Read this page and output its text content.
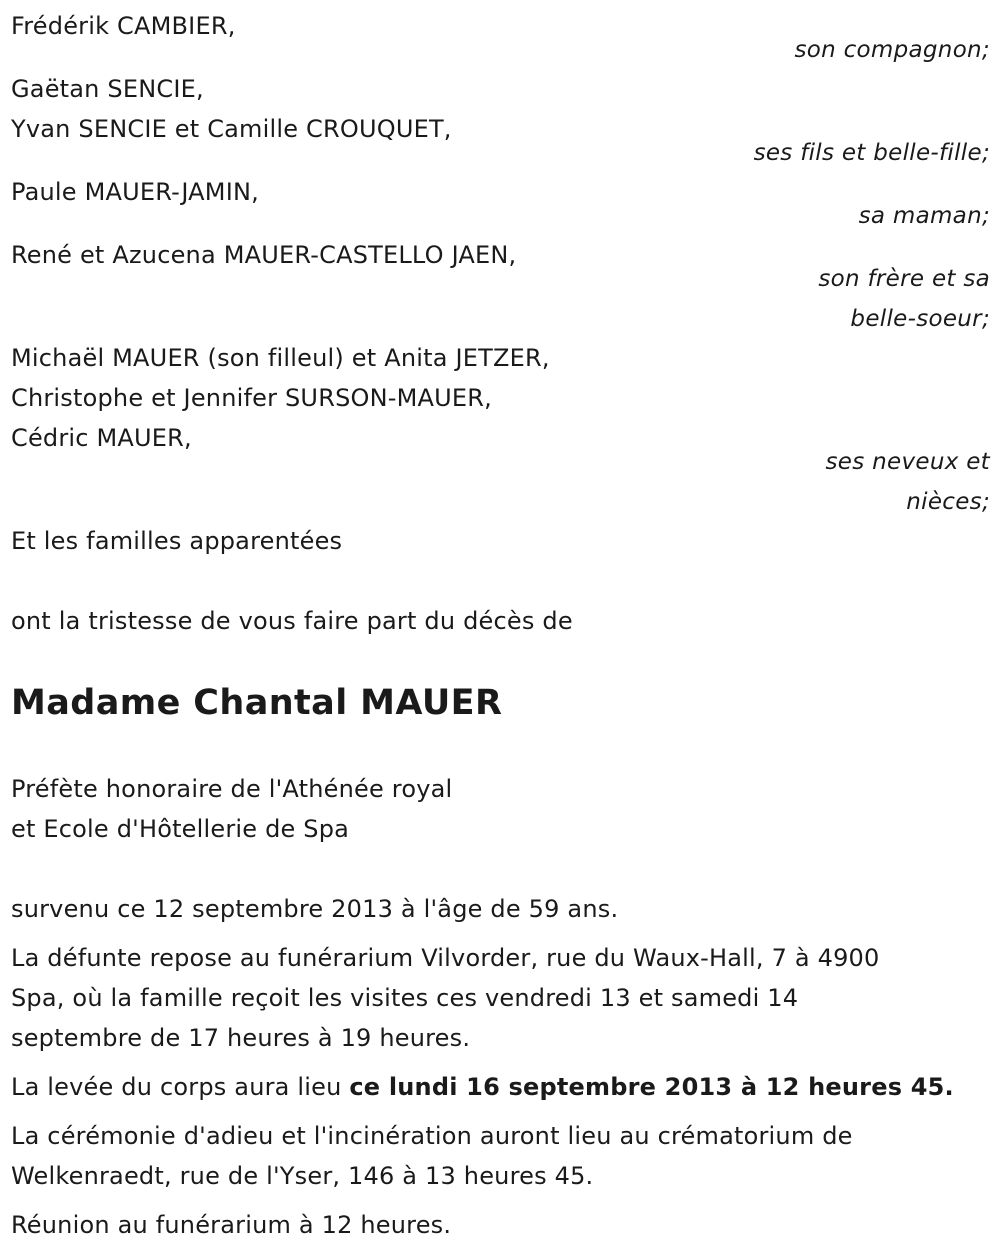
Frédérik CAMBIER,
son compagnon;
Gaëtan SENCIE,
Yvan SENCIE et Camille CROUQUET,
ses fils et belle-fille;
Paule MAUER-JAMIN,
sa maman;
René et Azucena MAUER-CASTELLO JAEN,
son frère et sa
belle-soeur;
Michaël MAUER (son filleul) et Anita JETZER,
Christophe et Jennifer SURSON-MAUER,
Cédric MAUER,
ses neveux et
nièces;
Et les familles apparentées
ont la tristesse de vous faire part du décès de
Madame Chantal MAUER
Préfète honoraire de l'Athénée royal
et Ecole d'Hôtellerie de Spa
survenu ce 12 septembre 2013 à l'âge de 59 ans.
La défunte repose au funérarium Vilvorder, rue du Waux-Hall, 7 à 4900
Spa, où la famille reçoit les visites ces vendredi 13 et samedi 14
septembre de 17 heures à 19 heures.
La levée du corps aura lieu ce lundi 16 septembre 2013 à 12 heures 45.
La cérémonie d'adieu et l'incinération auront lieu au crématorium de
Welkenraedt, rue de l'Yser, 146 à 13 heures 45.
Réunion au funérarium à 12 heures.
